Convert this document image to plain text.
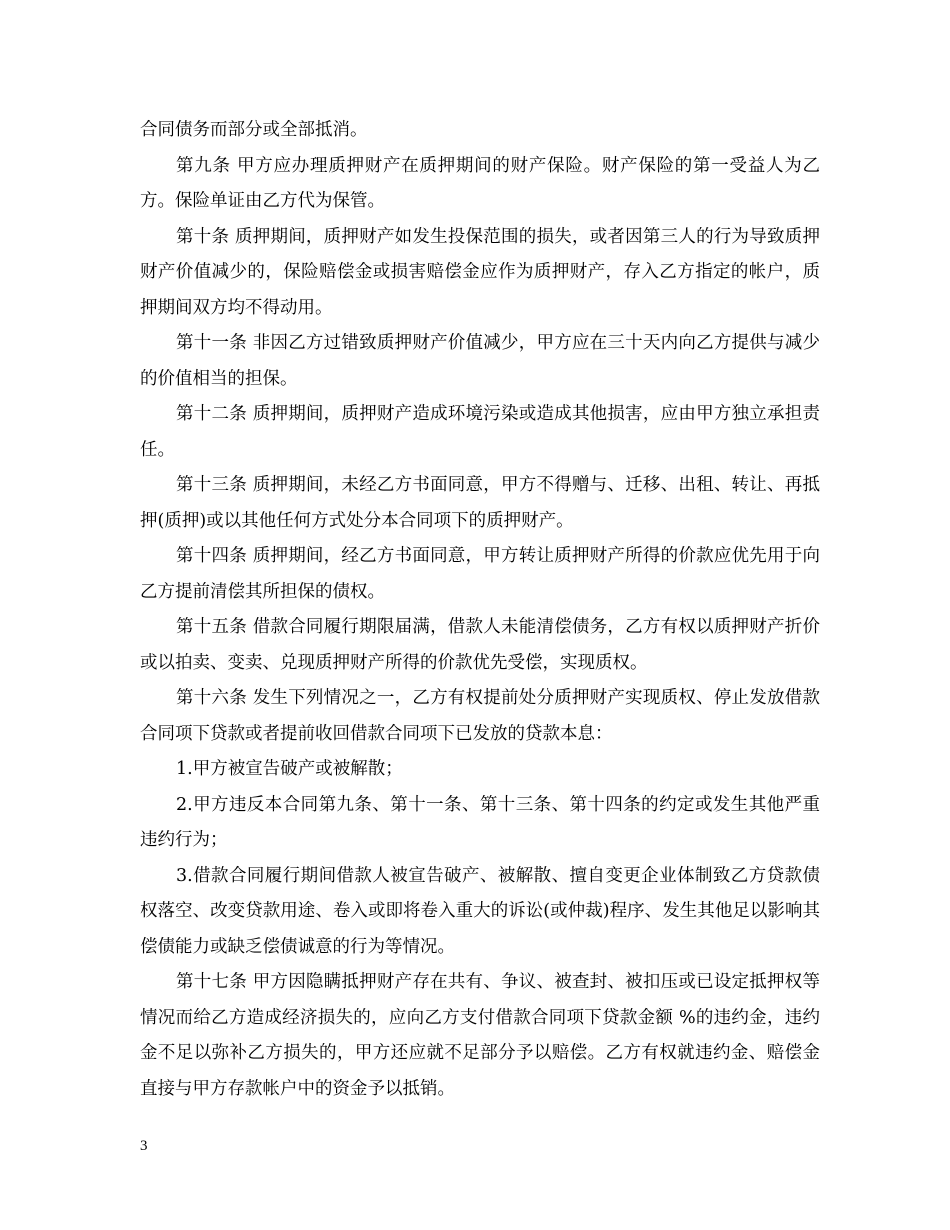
合同债务而部分或全部抵消。

第九条 甲方应办理质押财产在质押期间的财产保险。财产保险的第一受益人为乙方。保险单证由乙方代为保管。

第十条 质押期间，质押财产如发生投保范围的损失，或者因第三人的行为导致质押财产价值减少的，保险赔偿金或损害赔偿金应作为质押财产，存入乙方指定的帐户，质押期间双方均不得动用。

第十一条 非因乙方过错致质押财产价值减少，甲方应在三十天内向乙方提供与减少的价值相当的担保。

第十二条 质押期间，质押财产造成环境污染或造成其他损害，应由甲方独立承担责任。

第十三条 质押期间，未经乙方书面同意，甲方不得赠与、迁移、出租、转让、再抵押(质押)或以其他任何方式处分本合同项下的质押财产。

第十四条 质押期间，经乙方书面同意，甲方转让质押财产所得的价款应优先用于向乙方提前清偿其所担保的债权。

第十五条 借款合同履行期限届满，借款人未能清偿债务，乙方有权以质押财产折价或以拍卖、变卖、兑现质押财产所得的价款优先受偿，实现质权。

第十六条 发生下列情况之一，乙方有权提前处分质押财产实现质权、停止发放借款合同项下贷款或者提前收回借款合同项下已发放的贷款本息：

1.甲方被宣告破产或被解散；

2.甲方违反本合同第九条、第十一条、第十三条、第十四条的约定或发生其他严重违约行为；

3.借款合同履行期间借款人被宣告破产、被解散、擅自变更企业体制致乙方贷款债权落空、改变贷款用途、卷入或即将卷入重大的诉讼(或仲裁)程序、发生其他足以影响其偿债能力或缺乏偿债诚意的行为等情况。

第十七条 甲方因隐瞒抵押财产存在共有、争议、被查封、被扣压或已设定抵押权等情况而给乙方造成经济损失的，应向乙方支付借款合同项下贷款金额 %的违约金，违约金不足以弥补乙方损失的，甲方还应就不足部分予以赔偿。乙方有权就违约金、赔偿金直接与甲方存款帐户中的资金予以抵销。

3
